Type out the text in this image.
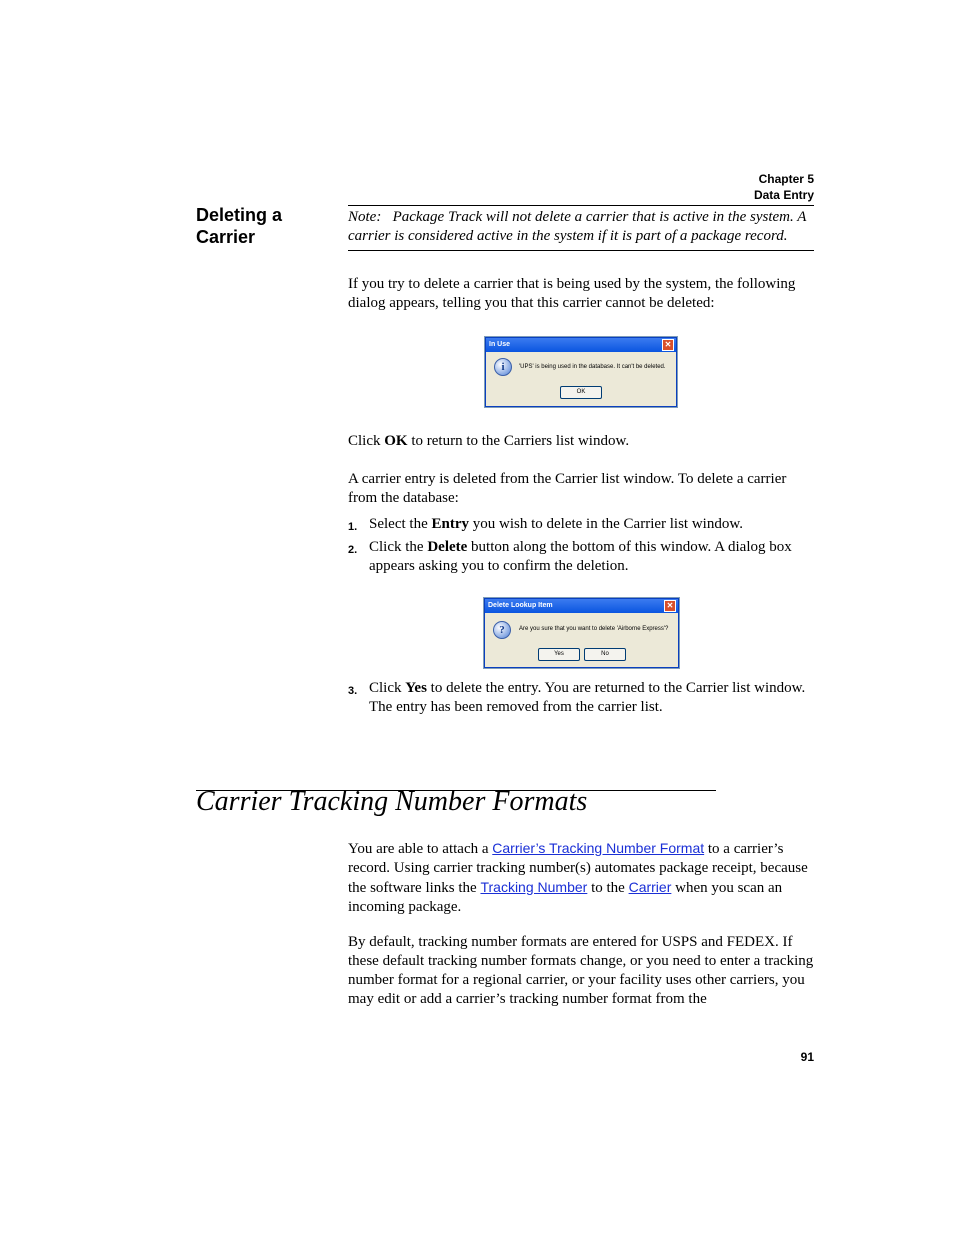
Chapter 5
Data Entry
Deleting a
Carrier
Note: Package Track will not delete a carrier that is active in the system. A carrier is considered active in the system if it is part of a package record.
If you try to delete a carrier that is being used by the system, the following dialog appears, telling you that this carrier cannot be deleted:
In Use	✕
i	'UPS' is being used in the database. It can't be deleted.
OK
Click OK to return to the Carriers list window.
A carrier entry is deleted from the Carrier list window. To delete a carrier from the database:
1. Select the Entry you wish to delete in the Carrier list window.
2. Click the Delete button along the bottom of this window. A dialog box appears asking you to confirm the deletion.
Delete Lookup Item	✕
?	Are you sure that you want to delete 'Airborne Express'?
Yes	No
3. Click Yes to delete the entry. You are returned to the Carrier list window. The entry has been removed from the carrier list.
Carrier Tracking Number Formats
You are able to attach a Carrier’s Tracking Number Format to a carrier’s record. Using carrier tracking number(s) automates package receipt, because the software links the Tracking Number to the Carrier when you scan an incoming package.
By default, tracking number formats are entered for USPS and FEDEX. If these default tracking number formats change, or you need to enter a tracking number format for a regional carrier, or your facility uses other carriers, you may edit or add a carrier’s tracking number format from the
91
